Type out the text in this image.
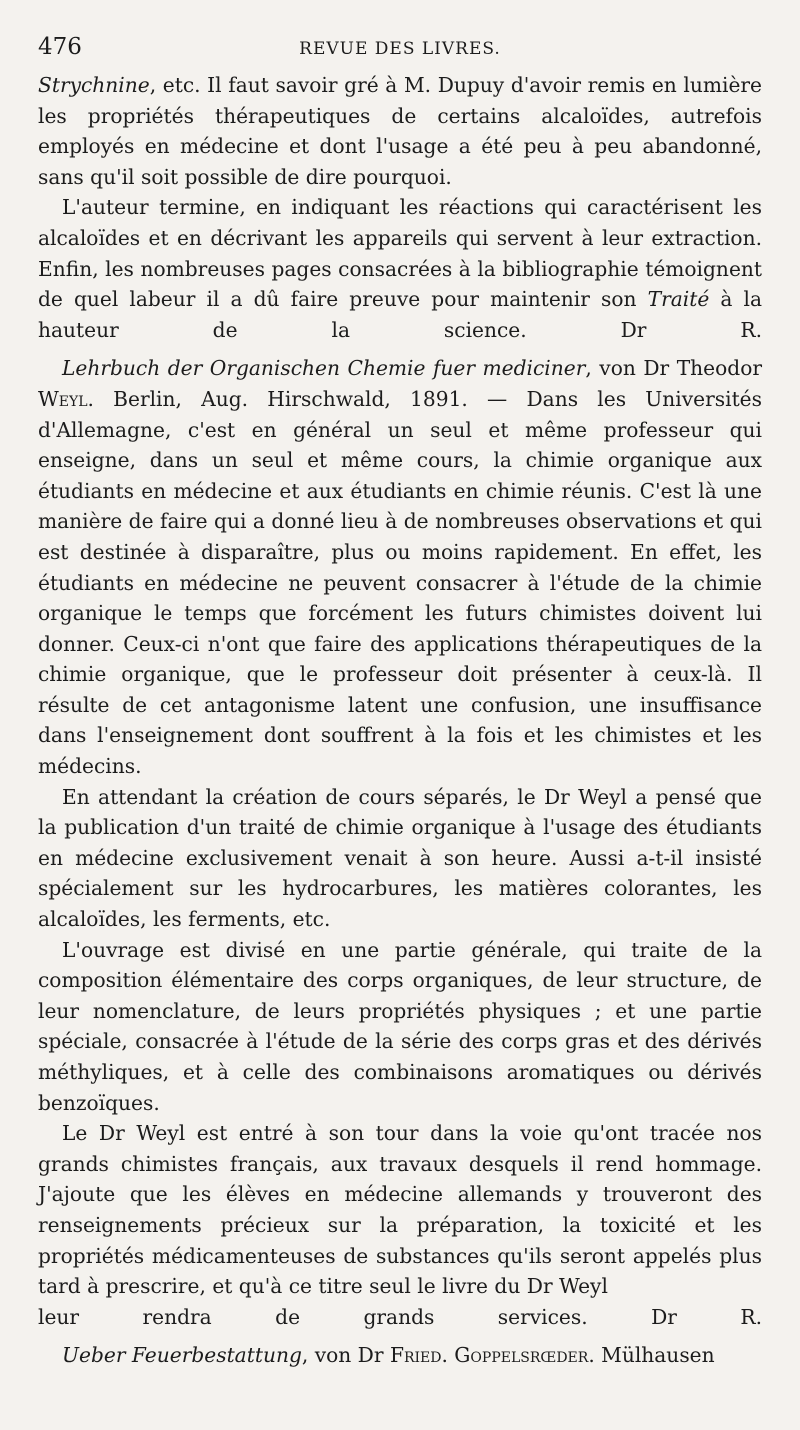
476	REVUE DES LIVRES.

Strychnine, etc. Il faut savoir gré à M. Dupuy d'avoir remis en lumière les propriétés thérapeutiques de certains alcaloïdes, autrefois employés en médecine et dont l'usage a été peu à peu abandonné, sans qu'il soit possible de dire pourquoi.

L'auteur termine, en indiquant les réactions qui caractérisent les alcaloïdes et en décrivant les appareils qui servent à leur extraction. Enfin, les nombreuses pages consacrées à la bibliographie témoignent de quel labeur il a dû faire preuve pour maintenir son Traité à la hauteur de la science.	Dr R.

Lehrbuch der Organischen Chemie fuer mediciner, von Dr Theodor Weyl. Berlin, Aug. Hirschwald, 1891. — Dans les Universités d'Allemagne, c'est en général un seul et même professeur qui enseigne, dans un seul et même cours, la chimie organique aux étudiants en médecine et aux étudiants en chimie réunis. C'est là une manière de faire qui a donné lieu à de nombreuses observations et qui est destinée à disparaître, plus ou moins rapidement. En effet, les étudiants en médecine ne peuvent consacrer à l'étude de la chimie organique le temps que forcément les futurs chimistes doivent lui donner. Ceux-ci n'ont que faire des applications thérapeutiques de la chimie organique, que le professeur doit présenter à ceux-là. Il résulte de cet antagonisme latent une confusion, une insuffisance dans l'enseignement dont souffrent à la fois et les chimistes et les médecins.

En attendant la création de cours séparés, le Dr Weyl a pensé que la publication d'un traité de chimie organique à l'usage des étudiants en médecine exclusivement venait à son heure. Aussi a-t-il insisté spécialement sur les hydrocarbures, les matières colorantes, les alcaloïdes, les ferments, etc.

L'ouvrage est divisé en une partie générale, qui traite de la composition élémentaire des corps organiques, de leur structure, de leur nomenclature, de leurs propriétés physiques ; et une partie spéciale, consacrée à l'étude de la série des corps gras et des dérivés méthyliques, et à celle des combinaisons aromatiques ou dérivés benzoïques.

Le Dr Weyl est entré à son tour dans la voie qu'ont tracée nos grands chimistes français, aux travaux desquels il rend hommage. J'ajoute que les élèves en médecine allemands y trouveront des renseignements précieux sur la préparation, la toxicité et les propriétés médicamenteuses de substances qu'ils seront appelés plus tard à prescrire, et qu'à ce titre seul le livre du Dr Weyl

leur rendra de grands services.	Dr R.

Ueber Feuerbestattung, von Dr Fried. Goppelsrœder. Mülhausen
